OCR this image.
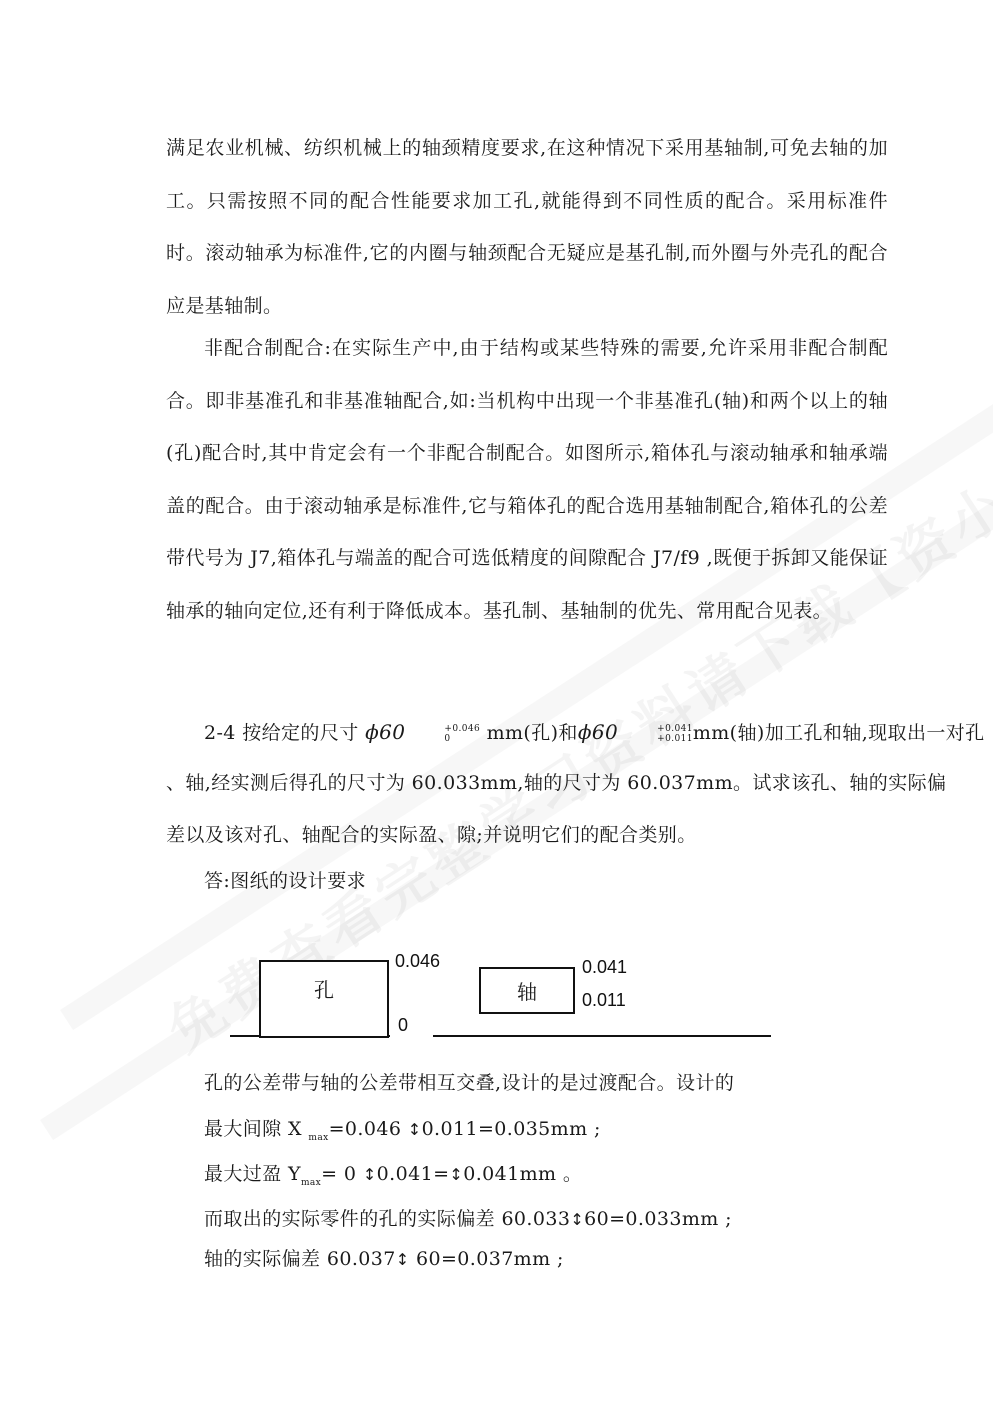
满足农业机械、纺织机械上的轴颈精度要求,在这种情况下采用基轴制,可免去轴的加工。只需按照不同的配合性能要求加工孔,就能得到不同性质的配合。采用标准件时。滚动轴承为标准件,它的内圈与轴颈配合无疑应是基孔制,而外圈与外壳孔的配合应是基轴制。

非配合制配合:在实际生产中,由于结构或某些特殊的需要,允许采用非配合制配合。即非基准孔和非基准轴配合,如:当机构中出现一个非基准孔(轴)和两个以上的轴(孔)配合时,其中肯定会有一个非配合制配合。如图所示,箱体孔与滚动轴承和轴承端盖的配合。由于滚动轴承是标准件,它与箱体孔的配合选用基轴制配合,箱体孔的公差带代号为 J7,箱体孔与端盖的配合可选低精度的间隙配合 J7/f9 ,既便于拆卸又能保证轴承的轴向定位,还有利于降低成本。基孔制、基轴制的优先、常用配合见表。

2-4 按给定的尺寸 ϕ60	+0.046
0	mm(孔)和ϕ60	+0.041
+0.011 mm(轴)加工孔和轴,现取出一对孔
、轴,经实测后得孔的尺寸为 60.033mm,轴的尺寸为 60.037mm。试求该孔、轴的实际偏
差以及该对孔、轴配合的实际盈、隙;并说明它们的配合类别。
答:图纸的设计要求
孔
0.046
0
轴
0.041
0.011
孔的公差带与轴的公差带相互交叠,设计的是过渡配合。设计的
最大间隙 X $_{max}$=0.046 ↕0.011=0.035mm ;
最大过盈 $Y_{max}= 0$ ↕0.041=↕0.041mm 。
而取出的实际零件的孔的实际偏差 60.033↕60=0.033mm ;
轴的实际偏差 60.037↕ 60=0.037mm ;
